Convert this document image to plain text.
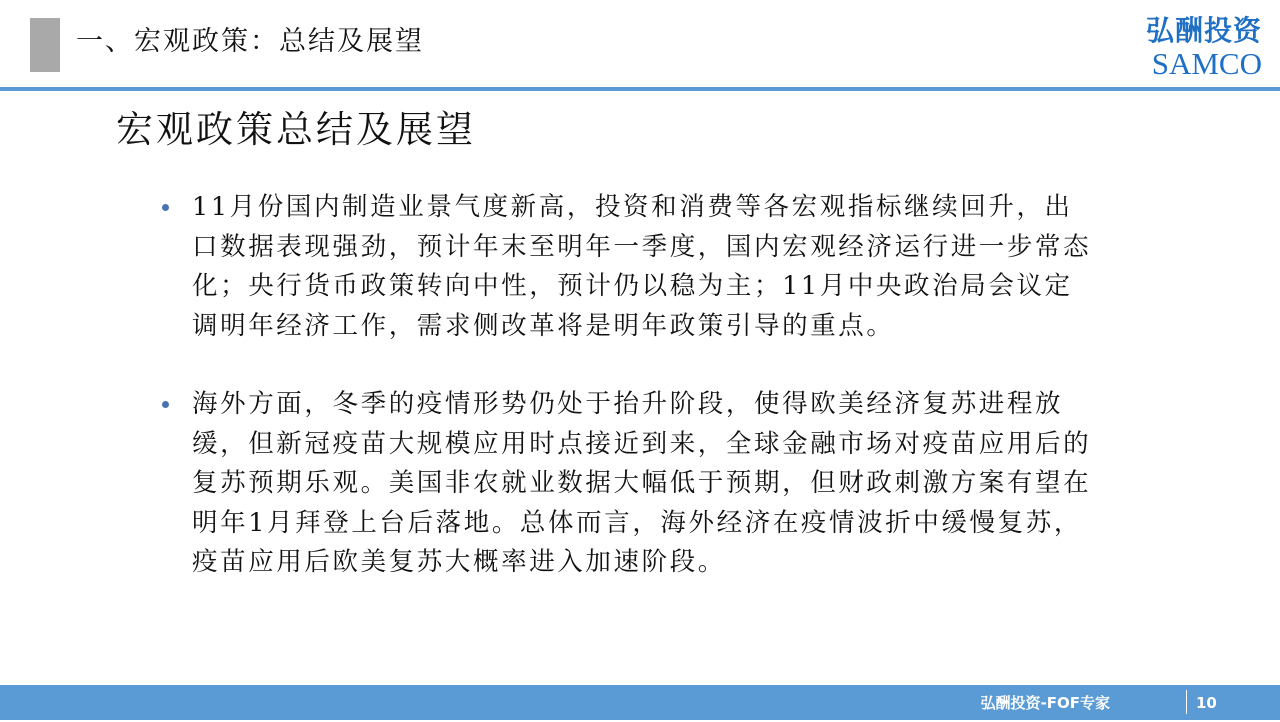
一、宏观政策：总结及展望	弘酬投资
SAMCO
宏观政策总结及展望
11月份国内制造业景气度新高，投资和消费等各宏观指标继续回升，出口数据表现强劲，预计年末至明年一季度，国内宏观经济运行进一步常态化；央行货币政策转向中性，预计仍以稳为主；11月中央政治局会议定调明年经济工作，需求侧改革将是明年政策引导的重点。
海外方面，冬季的疫情形势仍处于抬升阶段，使得欧美经济复苏进程放缓，但新冠疫苗大规模应用时点接近到来，全球金融市场对疫苗应用后的复苏预期乐观。美国非农就业数据大幅低于预期，但财政刺激方案有望在明年1月拜登上台后落地。总体而言，海外经济在疫情波折中缓慢复苏，疫苗应用后欧美复苏大概率进入加速阶段。
弘酬投资-FOF专家	10
